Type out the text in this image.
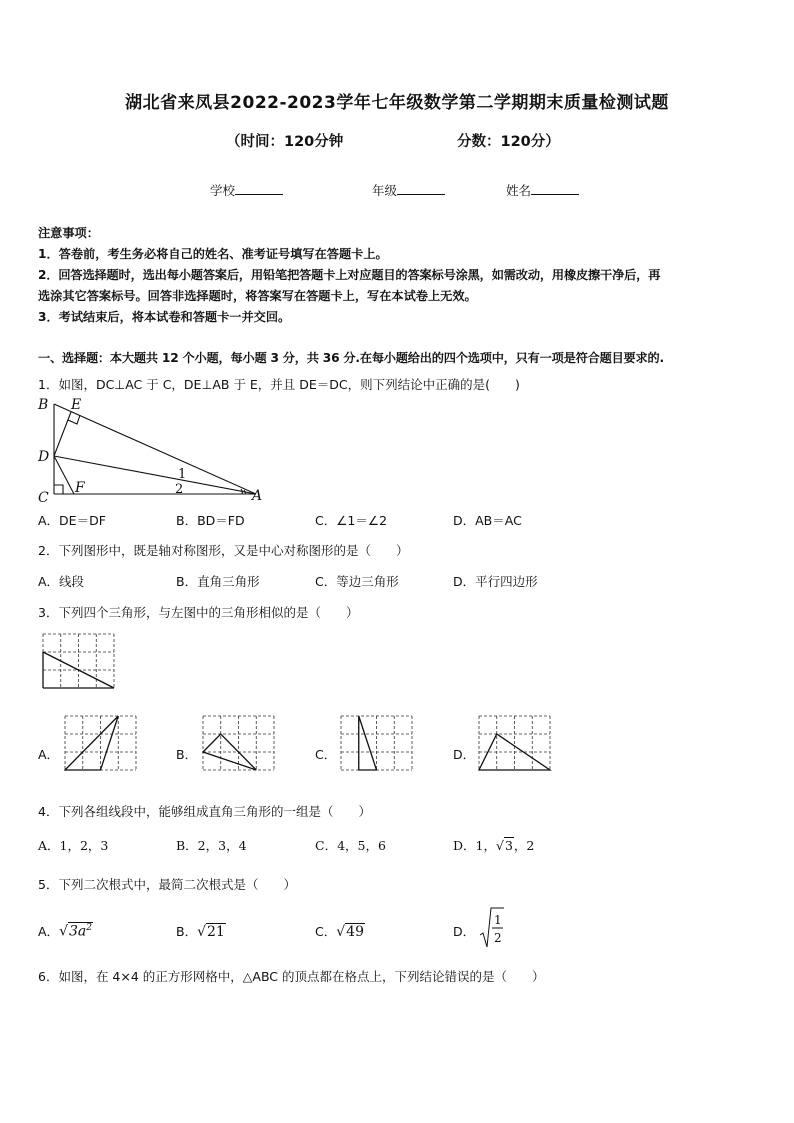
湖北省来凤县2022-2023学年七年级数学第二学期期末质量检测试题
（时间：120分钟	分数：120分）
学校	年级	姓名
注意事项：
1．答卷前，考生务必将自己的姓名、准考证号填写在答题卡上。
2．回答选择题时，选出每小题答案后，用铅笔把答题卡上对应题目的答案标号涂黑，如需改动，用橡皮擦干净后，再
选涂其它答案标号。回答非选择题时，将答案写在答题卡上，写在本试卷上无效。
3．考试结束后，将本试卷和答题卡一并交回。
一、选择题：本大题共 12 个小题，每小题 3 分，共 36 分.在每小题给出的四个选项中，只有一项是符合题目要求的.
1．如图，DC⊥AC 于 C，DE⊥AB 于 E，并且 DE＝DC，则下列结论中正确的是(　　)
B E
D
C
F	A
1
2
A．DE＝DF	B．BD＝FD	C．∠1＝∠2	D．AB＝AC
2．下列图形中，既是轴对称图形，又是中心对称图形的是（　　）
A．线段	B．直角三角形	C．等边三角形	D．平行四边形
3．下列四个三角形，与左图中的三角形相似的是（　　）
A．	B．	C．	D．
4．下列各组线段中，能够组成直角三角形的一组是（　　）
A．1，2，3	B．2，3，4	C．4，5，6	D．1，√3，2
5．下列二次根式中，最简二次根式是（　　）
A．$√3a^2$	B．√21	C．√49	D．
1
2
6．如图，在 4×4 的正方形网格中，△ABC 的顶点都在格点上，下列结论错误的是（　　）
